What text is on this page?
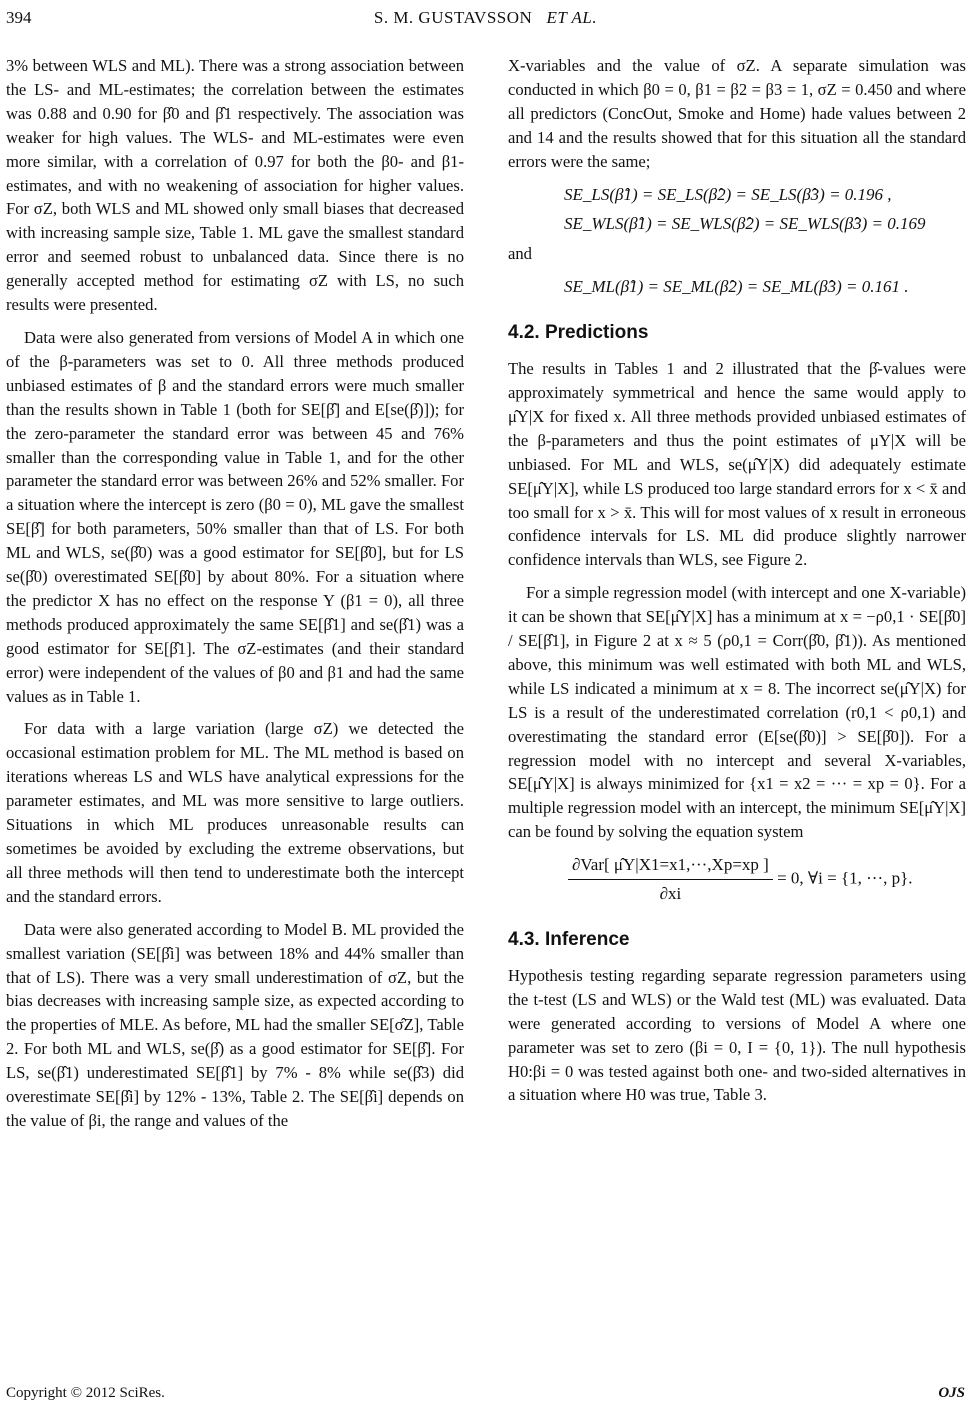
394	S. M. GUSTAVSSON ET AL.

3% between WLS and ML). There was a strong association between the LS- and ML-estimates; the correlation between the estimates was 0.88 and 0.90 for β̂0 and β̂1 respectively. The association was weaker for high values. The WLS- and ML-estimates were even more similar, with a correlation of 0.97 for both the β0- and β1-estimates, and with no weakening of association for higher values. For σZ, both WLS and ML showed only small biases that decreased with increasing sample size, Table 1. ML gave the smallest standard error and seemed robust to unbalanced data. Since there is no generally accepted method for estimating σZ with LS, no such results were presented.

Data were also generated from versions of Model A in which one of the β-parameters was set to 0. All three methods produced unbiased estimates of β and the standard errors were much smaller than the results shown in Table 1 (both for SE[β̂] and E[se(β̂)]); for the zero-parameter the standard error was between 45 and 76% smaller than the corresponding value in Table 1, and for the other parameter the standard error was between 26% and 52% smaller. For a situation where the intercept is zero (β0 = 0), ML gave the smallest SE[β̂] for both parameters, 50% smaller than that of LS. For both ML and WLS, se(β̂0) was a good estimator for SE[β̂0], but for LS se(β̂0) overestimated SE[β̂0] by about 80%. For a situation where the predictor X has no effect on the response Y (β1 = 0), all three methods produced approximately the same SE[β̂1] and se(β̂1) was a good estimator for SE[β̂1]. The σZ-estimates (and their standard error) were independent of the values of β0 and β1 and had the same values as in Table 1.

For data with a large variation (large σZ) we detected the occasional estimation problem for ML. The ML method is based on iterations whereas LS and WLS have analytical expressions for the parameter estimates, and ML was more sensitive to large outliers. Situations in which ML produces unreasonable results can sometimes be avoided by excluding the extreme observations, but all three methods will then tend to underestimate both the intercept and the standard errors.

Data were also generated according to Model B. ML provided the smallest variation (SE[β̂i] was between 18% and 44% smaller than that of LS). There was a very small underestimation of σZ, but the bias decreases with increasing sample size, as expected according to the properties of MLE. As before, ML had the smaller SE[σ̂Z], Table 2. For both ML and WLS, se(β̂) as a good estimator for SE[β̂]. For LS, se(β̂1) underestimated SE[β̂1] by 7% - 8% while se(β̂3) did overestimate SE[β̂i] by 12% - 13%, Table 2. The SE[β̂i] depends on the value of βi, the range and values of the

X-variables and the value of σZ. A separate simulation was conducted in which β0 = 0, β1 = β2 = β3 = 1, σZ = 0.450 and where all predictors (ConcOut, Smoke and Home) hade values between 2 and 14 and the results showed that for this situation all the standard errors were the same;

SE_LS(β̂1) = SE_LS(β̂2) = SE_LS(β̂3) = 0.196 ,
SE_WLS(β̂1) = SE_WLS(β̂2) = SE_WLS(β̂3) = 0.169

and

SE_ML(β̂1) = SE_ML(β̂2) = SE_ML(β̂3) = 0.161 .
4.2. Predictions

The results in Tables 1 and 2 illustrated that the β̂-values were approximately symmetrical and hence the same would apply to μ̂Y|X for fixed x. All three methods provided unbiased estimates of the β-parameters and thus the point estimates of μY|X will be unbiased. For ML and WLS, se(μ̂Y|X) did adequately estimate SE[μ̂Y|X], while LS produced too large standard errors for x < x̄ and too small for x > x̄. This will for most values of x result in erroneous confidence intervals for LS. ML did produce slightly narrower confidence intervals than WLS, see Figure 2.

For a simple regression model (with intercept and one X-variable) it can be shown that SE[μ̂Y|X] has a minimum at x = −ρ0,1 · SE[β̂0] / SE[β̂1], in Figure 2 at x ≈ 5 (ρ0,1 = Corr(β̂0, β̂1)). As mentioned above, this minimum was well estimated with both ML and WLS, while LS indicated a minimum at x = 8. The incorrect se(μ̂Y|X) for LS is a result of the underestimated correlation (r0,1 < ρ0,1) and overestimating the standard error (E[se(β̂0)] > SE[β̂0]). For a regression model with no intercept and several X-variables, SE[μ̂Y|X] is always minimized for {x1 = x2 = ··· = xp = 0}. For a multiple regression model with an intercept, the minimum SE[μ̂Y|X] can be found by solving the equation system

$\frac{\text{∂Var[ μ̂Y|X1=x1,···,Xp=xp ]}}{\partial xi} = 0$, ∀i = {1, ···, p}.
4.3. Inference

Hypothesis testing regarding separate regression parameters using the t-test (LS and WLS) or the Wald test (ML) was evaluated. Data were generated according to versions of Model A where one parameter was set to zero (βi = 0, I = {0, 1}). The null hypothesis H0:βi = 0 was tested against both one- and two-sided alternatives in a situation where H0 was true, Table 3.

Copyright © 2012 SciRes.	OJS
